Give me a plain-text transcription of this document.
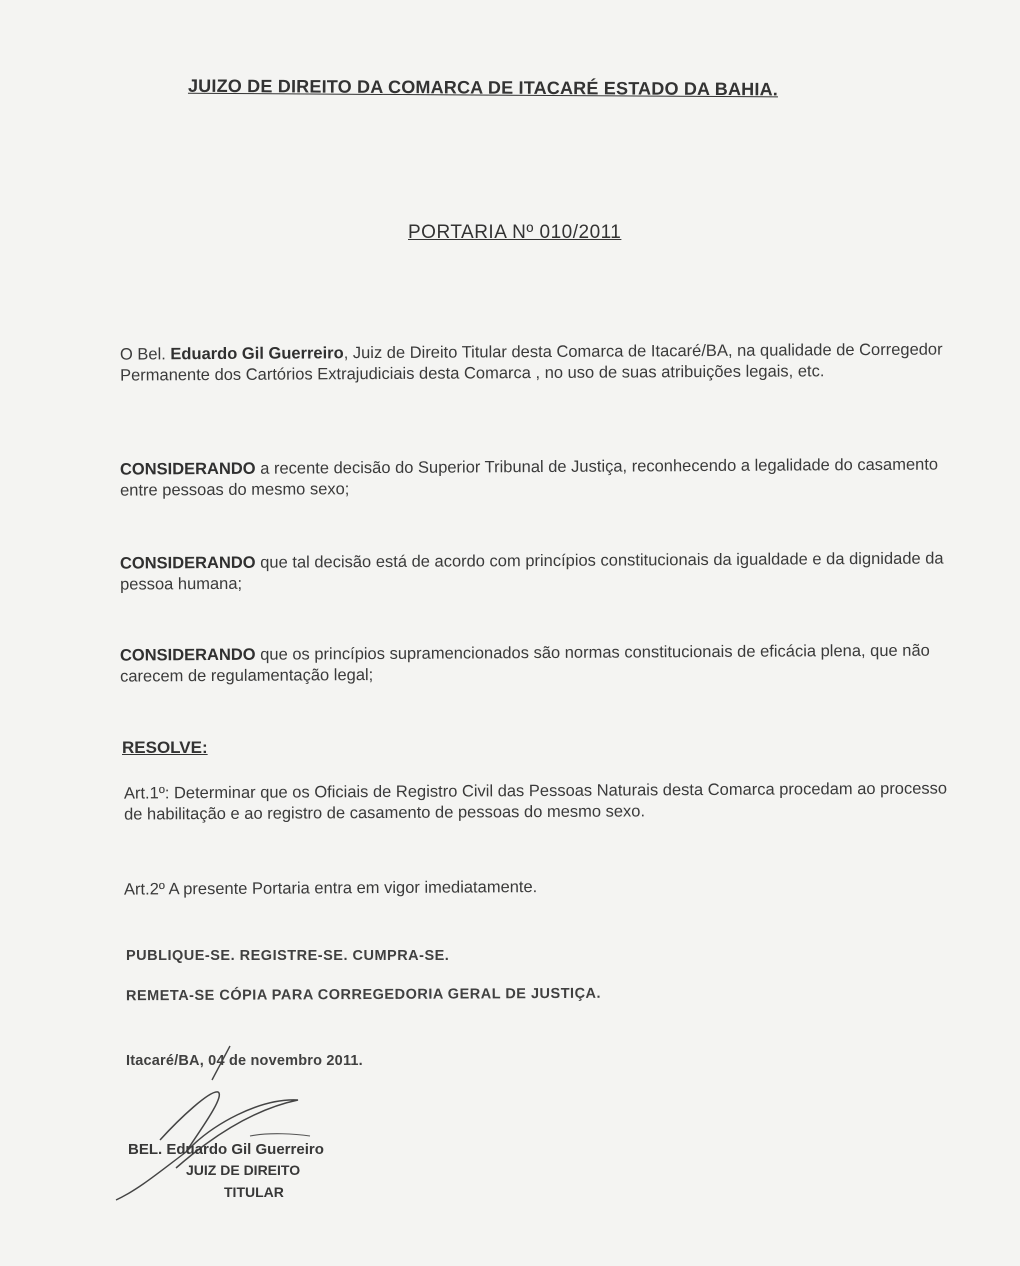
JUIZO DE DIREITO DA COMARCA DE ITACARÉ ESTADO DA BAHIA.
PORTARIA Nº 010/2011
O Bel. Eduardo Gil Guerreiro, Juiz de Direito Titular desta Comarca de Itacaré/BA, na qualidade de Corregedor Permanente dos Cartórios Extrajudiciais desta Comarca , no uso de suas atribuições legais, etc.
CONSIDERANDO a recente decisão do Superior Tribunal de Justiça, reconhecendo a legalidade do casamento entre pessoas do mesmo sexo;
CONSIDERANDO que tal decisão está de acordo com princípios constitucionais da igualdade e da dignidade da pessoa humana;
CONSIDERANDO que os princípios supramencionados são normas constitucionais de eficácia plena, que não carecem de regulamentação legal;
RESOLVE:
Art.1º: Determinar que os Oficiais de Registro Civil das Pessoas Naturais desta Comarca procedam ao processo de habilitação e ao registro de casamento de pessoas do mesmo sexo.
Art.2º A presente Portaria entra em vigor imediatamente.
PUBLIQUE-SE. REGISTRE-SE. CUMPRA-SE.
REMETA-SE CÓPIA PARA CORREGEDORIA GERAL DE JUSTIÇA.
Itacaré/BA, 04 de novembro 2011.
BEL. Eduardo Gil Guerreiro
JUIZ DE DIREITO
TITULAR
